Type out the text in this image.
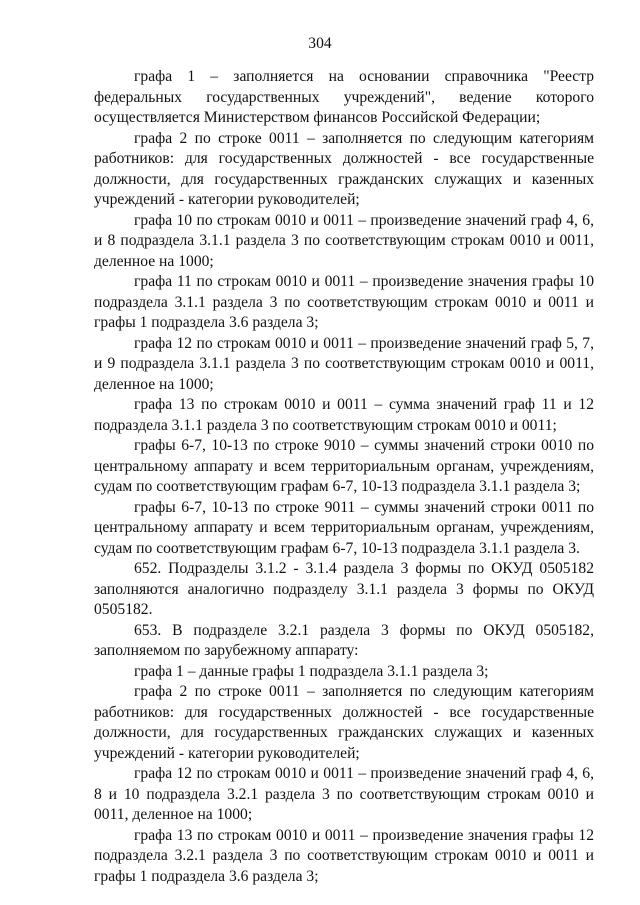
304

графа 1 – заполняется на основании справочника "Реестр федеральных государственных учреждений", ведение которого осуществляется Министерством финансов Российской Федерации;

графа 2 по строке 0011 – заполняется по следующим категориям работников: для государственных должностей - все государственные должности, для государственных гражданских служащих и казенных учреждений - категории руководителей;

графа 10 по строкам 0010 и 0011 – произведение значений граф 4, 6, и 8 подраздела 3.1.1 раздела 3 по соответствующим строкам 0010 и 0011, деленное на 1000;

графа 11 по строкам 0010 и 0011 – произведение значения графы 10 подраздела 3.1.1 раздела 3 по соответствующим строкам 0010 и 0011 и графы 1 подраздела 3.6 раздела 3;

графа 12 по строкам 0010 и 0011 – произведение значений граф 5, 7, и 9 подраздела 3.1.1 раздела 3 по соответствующим строкам 0010 и 0011, деленное на 1000;

графа 13 по строкам 0010 и 0011 – сумма значений граф 11 и 12 подраздела 3.1.1 раздела 3 по соответствующим строкам 0010 и 0011;

графы 6-7, 10-13 по строке 9010 – суммы значений строки 0010 по центральному аппарату и всем территориальным органам, учреждениям, судам по соответствующим графам 6-7, 10-13 подраздела 3.1.1 раздела 3;

графы 6-7, 10-13 по строке 9011 – суммы значений строки 0011 по центральному аппарату и всем территориальным органам, учреждениям, судам по соответствующим графам 6-7, 10-13 подраздела 3.1.1 раздела 3.

652. Подразделы 3.1.2 - 3.1.4 раздела 3 формы по ОКУД 0505182 заполняются аналогично подразделу 3.1.1 раздела 3 формы по ОКУД 0505182.

653. В подразделе 3.2.1 раздела 3 формы по ОКУД 0505182, заполняемом по зарубежному аппарату:

графа 1 – данные графы 1 подраздела 3.1.1 раздела 3;

графа 2 по строке 0011 – заполняется по следующим категориям работников: для государственных должностей - все государственные должности, для государственных гражданских служащих и казенных учреждений - категории руководителей;

графа 12 по строкам 0010 и 0011 – произведение значений граф 4, 6, 8 и 10 подраздела 3.2.1 раздела 3 по соответствующим строкам 0010 и 0011, деленное на 1000;

графа 13 по строкам 0010 и 0011 – произведение значения графы 12 подраздела 3.2.1 раздела 3 по соответствующим строкам 0010 и 0011 и графы 1 подраздела 3.6 раздела 3;
